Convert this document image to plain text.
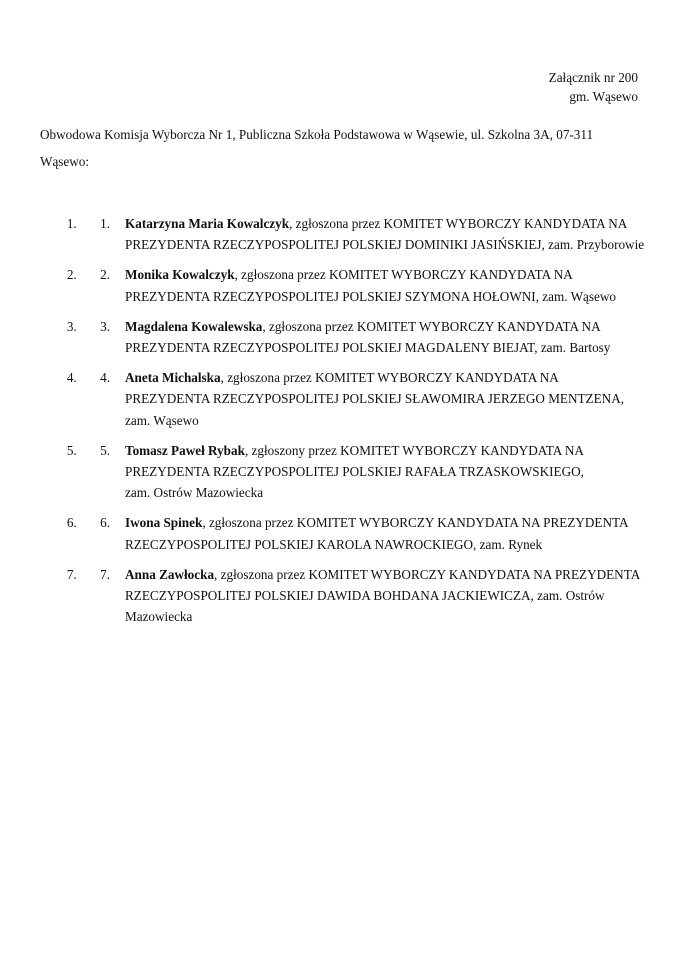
Załącznik nr 200
gm. Wąsewo
Obwodowa Komisja Wyborcza Nr 1, Publiczna Szkoła Podstawowa w Wąsewie, ul. Szkolna 3A, 07-311
Wąsewo:
1. 1. Katarzyna Maria Kowalczyk, zgłoszona przez KOMITET WYBORCZY KANDYDATA NA
PREZYDENTA RZECZYPOSPOLITEJ POLSKIEJ DOMINIKI JASIŃSKIEJ, zam. Przyborowie
2. 2. Monika Kowalczyk, zgłoszona przez KOMITET WYBORCZY KANDYDATA NA
PREZYDENTA RZECZYPOSPOLITEJ POLSKIEJ SZYMONA HOŁOWNI, zam. Wąsewo
3. 3. Magdalena Kowalewska, zgłoszona przez KOMITET WYBORCZY KANDYDATA NA
PREZYDENTA RZECZYPOSPOLITEJ POLSKIEJ MAGDALENY BIEJAT, zam. Bartosy
4. 4. Aneta Michalska, zgłoszona przez KOMITET WYBORCZY KANDYDATA NA
PREZYDENTA RZECZYPOSPOLITEJ POLSKIEJ SŁAWOMIRA JERZEGO MENTZENA,
zam. Wąsewo
5. 5. Tomasz Paweł Rybak, zgłoszony przez KOMITET WYBORCZY KANDYDATA NA
PREZYDENTA RZECZYPOSPOLITEJ POLSKIEJ RAFAŁA TRZASKOWSKIEGO,
zam. Ostrów Mazowiecka
6. 6. Iwona Spinek, zgłoszona przez KOMITET WYBORCZY KANDYDATA NA PREZYDENTA
RZECZYPOSPOLITEJ POLSKIEJ KAROLA NAWROCKIEGO, zam. Rynek
7. 7. Anna Zawłocka, zgłoszona przez KOMITET WYBORCZY KANDYDATA NA PREZYDENTA
RZECZYPOSPOLITEJ POLSKIEJ DAWIDA BOHDANA JACKIEWICZA, zam. Ostrów
Mazowiecka
